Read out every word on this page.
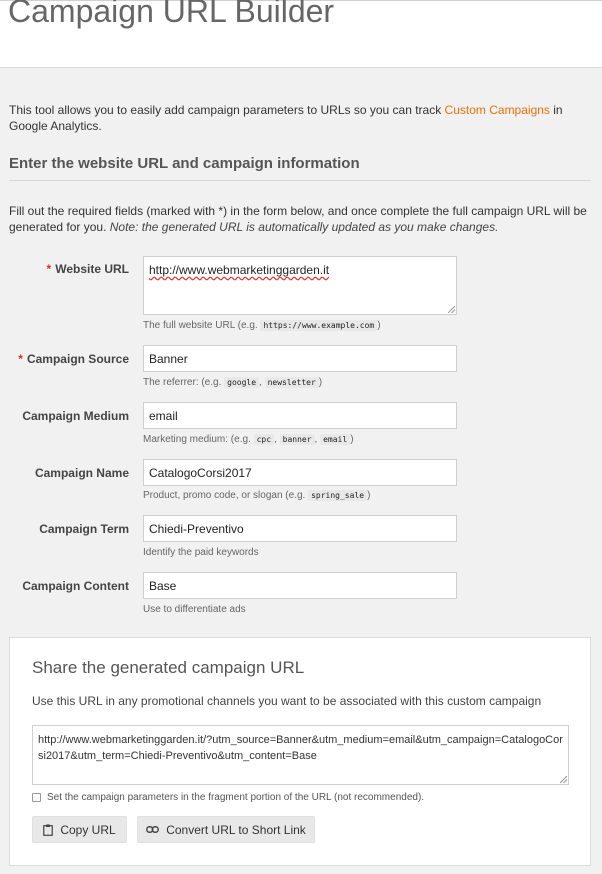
Campaign URL Builder

This tool allows you to easily add campaign parameters to URLs so you can track Custom Campaigns in Google Analytics.

Enter the website URL and campaign information

Fill out the required fields (marked with *) in the form below, and once complete the full campaign URL will be generated for you. Note: the generated URL is automatically updated as you make changes.

* Website URL	http://www.webmarketinggarden.it
The full website URL (e.g. https://www.example.com )
* Campaign Source
Banner
The referrer: (e.g. google , newsletter )
Campaign Medium
email
Marketing medium: (e.g. cpc , banner , email )
Campaign Name
CatalogoCorsi2017
Product, promo code, or slogan (e.g. spring_sale )
Campaign Term
Chiedi-Preventivo
Identify the paid keywords
Campaign Content
Base
Use to differentiate ads
Share the generated campaign URL

Use this URL in any promotional channels you want to be associated with this custom campaign

http://www.webmarketinggarden.it/?utm_source=Banner&utm_medium=email&utm_campaign=CatalogoCorsi2017&utm_term=Chiedi-Preventivo&utm_content=Base
Set the campaign parameters in the fragment portion of the URL (not recommended).
Copy URL	Convert URL to Short Link
